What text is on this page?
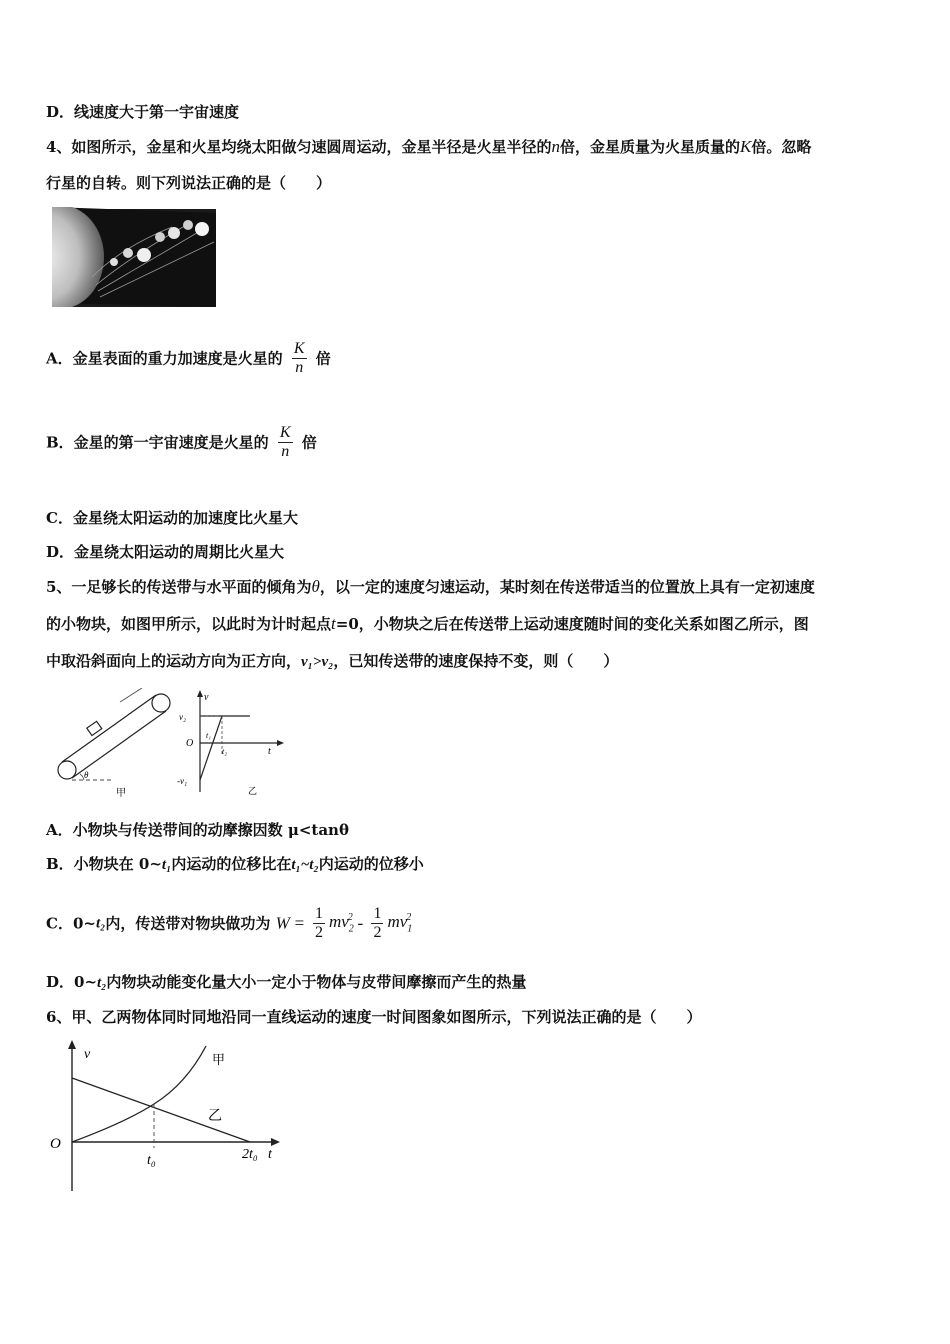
D．线速度大于第一宇宙速度
4、如图所示，金星和火星均绕太阳做匀速圆周运动，金星半径是火星半径的n倍，金星质量为火星质量的K倍。忽略
行星的自转。则下列说法正确的是（　　）
A．金星表面的重力加速度是火星的 $\frac{K}{n}$ 倍
B．金星的第一宇宙速度是火星的 $\frac{K}{n}$ 倍
C．金星绕太阳运动的加速度比火星大
D．金星绕太阳运动的周期比火星大
5、一足够长的传送带与水平面的倾角为θ，以一定的速度匀速运动，某时刻在传送带适当的位置放上具有一定初速度
的小物块，如图甲所示，以此时为计时起点t=0，小物块之后在传送带上运动速度随时间的变化关系如图乙所示，图
中取沿斜面向上的运动方向为正方向，v₁>v₂，已知传送带的速度保持不变，则（　　）
θ
甲
v
v₂
O
t₁
t₂	t
-v₁
乙
A．小物块与传送带间的动摩擦因数 μ<tanθ
B．小物块在 0~t₁内运动的位移比在t₁~t₂内运动的位移小
C．0~t₂内，传送带对物块做功为 $W = \frac{1}{2} mv_2^2 - \frac{1}{2} mv_1^2$
D．0~t₂内物块动能变化量大小一定小于物体与皮带间摩擦而产生的热量
6、甲、乙两物体同时同地沿同一直线运动的速度一时间图象如图所示，下列说法正确的是（　　）
v
O
甲
乙
t₀	2t₀ t
